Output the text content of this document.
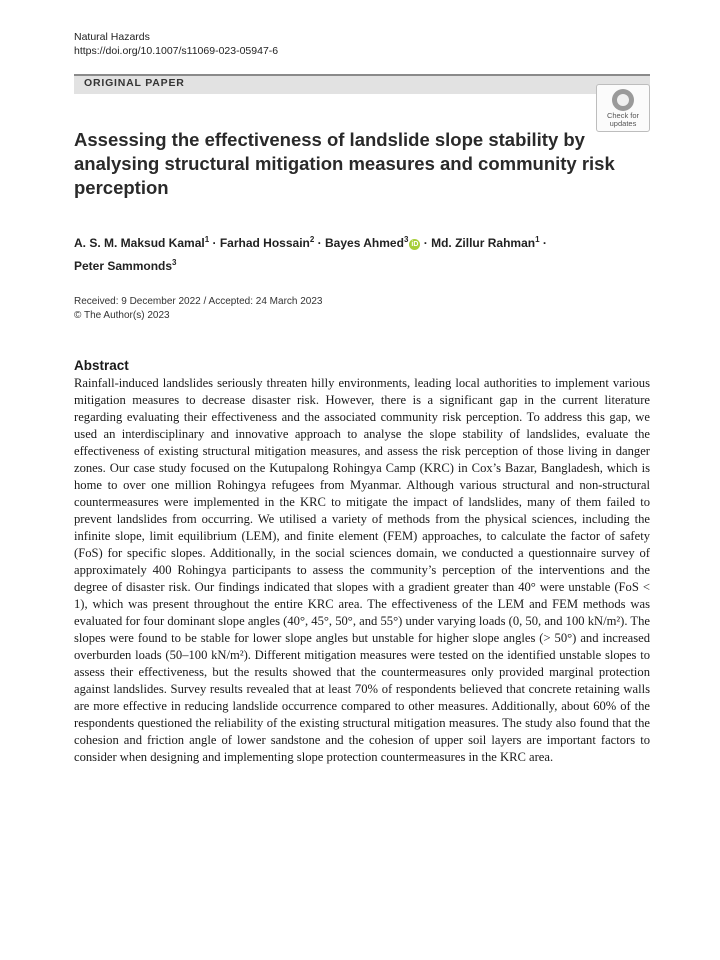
Natural Hazards
https://doi.org/10.1007/s11069-023-05947-6
ORIGINAL PAPER
Check for
updates
Assessing the effectiveness of landslide slope stability by analysing structural mitigation measures and community risk perception
A. S. M. Maksud Kamal$^1$ · Farhad Hossain$^2$ · Bayes Ahmed$^3$iD · Md. Zillur Rahman$^1$ ·
Peter Sammonds$^3$
Received: 9 December 2022 / Accepted: 24 March 2023
© The Author(s) 2023
Abstract

Rainfall-induced landslides seriously threaten hilly environments, leading local authorities to implement various mitigation measures to decrease disaster risk. However, there is a significant gap in the current literature regarding evaluating their effectiveness and the associated community risk perception. To address this gap, we used an interdisciplinary and innovative approach to analyse the slope stability of landslides, evaluate the effectiveness of existing structural mitigation measures, and assess the risk perception of those living in danger zones. Our case study focused on the Kutupalong Rohingya Camp (KRC) in Cox’s Bazar, Bangladesh, which is home to over one million Rohingya refugees from Myanmar. Although various structural and non-structural countermeasures were implemented in the KRC to mitigate the impact of landslides, many of them failed to prevent landslides from occurring. We utilised a variety of methods from the physical sciences, including the infinite slope, limit equilibrium (LEM), and finite element (FEM) approaches, to calculate the factor of safety (FoS) for specific slopes. Additionally, in the social sciences domain, we conducted a questionnaire survey of approximately 400 Rohingya participants to assess the community’s perception of the interventions and the degree of disaster risk. Our findings indicated that slopes with a gradient greater than 40° were unstable (FoS < 1), which was present throughout the entire KRC area. The effectiveness of the LEM and FEM methods was evaluated for four dominant slope angles (40°, 45°, 50°, and 55°) under varying loads (0, 50, and 100 kN/m²). The slopes were found to be stable for lower slope angles but unstable for higher slope angles (> 50°) and increased overburden loads (50–100 kN/m²). Different mitigation measures were tested on the identified unstable slopes to assess their effectiveness, but the results showed that the countermeasures only provided marginal protection against landslides. Survey results revealed that at least 70% of respondents believed that concrete retaining walls are more effective in reducing landslide occurrence compared to other measures. Additionally, about 60% of the respondents questioned the reliability of the existing structural mitigation measures. The study also found that the cohesion and friction angle of lower sandstone and the cohesion of upper soil layers are important factors to consider when designing and implementing slope protection countermeasures in the KRC area.
